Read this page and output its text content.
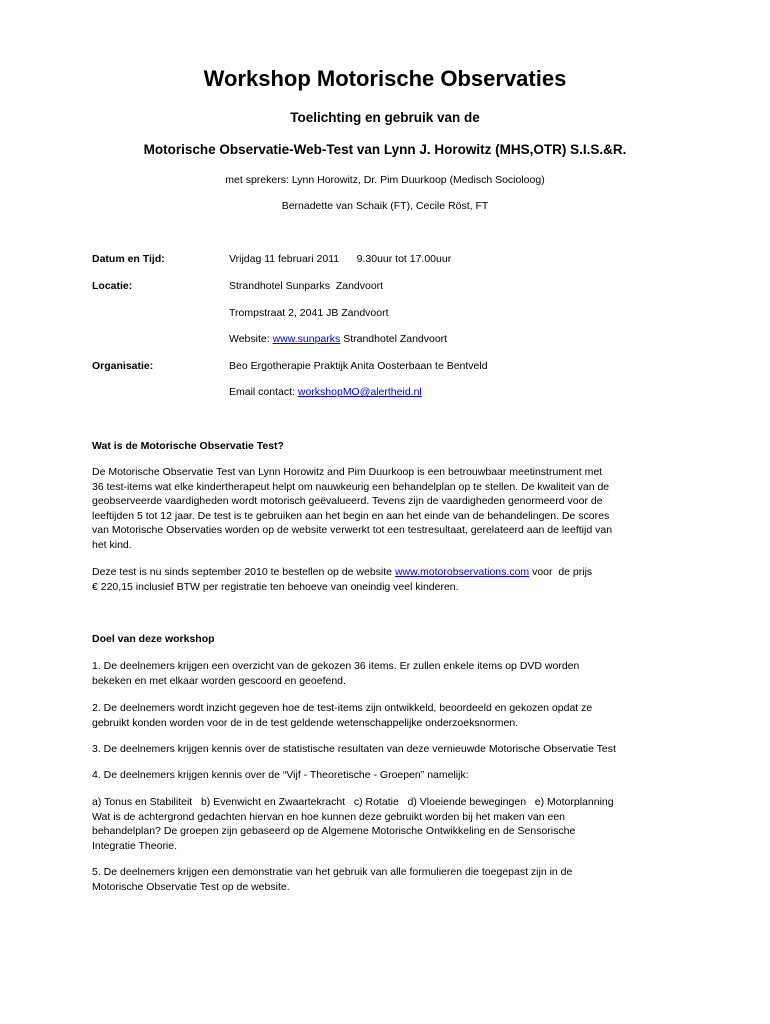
Workshop Motorische Observaties
Toelichting en gebruik van de
Motorische Observatie-Web-Test van Lynn J. Horowitz (MHS,OTR) S.I.S.&R.
met sprekers: Lynn Horowitz, Dr. Pim Duurkoop (Medisch Socioloog)
Bernadette van Schaik (FT), Cecile Röst, FT
Datum en Tijd:	Vrijdag 11 februari 2011      9.30uur tot 17.00uur
Locatie:	Strandhotel Sunparks  Zandvoort
Trompstraat 2, 2041 JB Zandvoort
Website: www.sunparks Strandhotel Zandvoort
Organisatie:	Beo Ergotherapie Praktijk Anita Oosterbaan te Bentveld
Email contact: workshopMO@alertheid.nl
Wat is de Motorische Observatie Test?
De Motorische Observatie Test van Lynn Horowitz and Pim Duurkoop is een betrouwbaar meetinstrument met
36 test-items wat elke kindertherapeut helpt om nauwkeurig een behandelplan op te stellen. De kwaliteit van de
geobserveerde vaardigheden wordt motorisch geëvalueerd. Tevens zijn de vaardigheden genormeerd voor de
leeftijden 5 tot 12 jaar. De test is te gebruiken aan het begin en aan het einde van de behandelingen. De scores
van Motorische Observaties worden op de website verwerkt tot een testresultaat, gerelateerd aan de leeftijd van
het kind.
Deze test is nu sinds september 2010 te bestellen op de website www.motorobservations.com voor  de prijs
€ 220,15 inclusief BTW per registratie ten behoeve van oneindig veel kinderen.
Doel van deze workshop
1. De deelnemers krijgen een overzicht van de gekozen 36 items. Er zullen enkele items op DVD worden
bekeken en met elkaar worden gescoord en geoefend.
2. De deelnemers wordt inzicht gegeven hoe de test-items zijn ontwikkeld, beoordeeld en gekozen opdat ze
gebruikt konden worden voor de in de test geldende wetenschappelijke onderzoeksnormen.
3. De deelnemers krijgen kennis over de statistische resultaten van deze vernieuwde Motorische Observatie Test
4. De deelnemers krijgen kennis over de “Vijf - Theoretische - Groepen” namelijk:
a) Tonus en Stabiliteit   b) Evenwicht en Zwaartekracht   c) Rotatie   d) Vloeiende bewegingen   e) Motorplanning
Wat is de achtergrond gedachten hiervan en hoe kunnen deze gebruikt worden bij het maken van een
behandelplan? De groepen zijn gebaseerd op de Algemene Motorische Ontwikkeling en de Sensorische
Integratie Theorie.
5. De deelnemers krijgen een demonstratie van het gebruik van alle formulieren die toegepast zijn in de
Motorische Observatie Test op de website.
